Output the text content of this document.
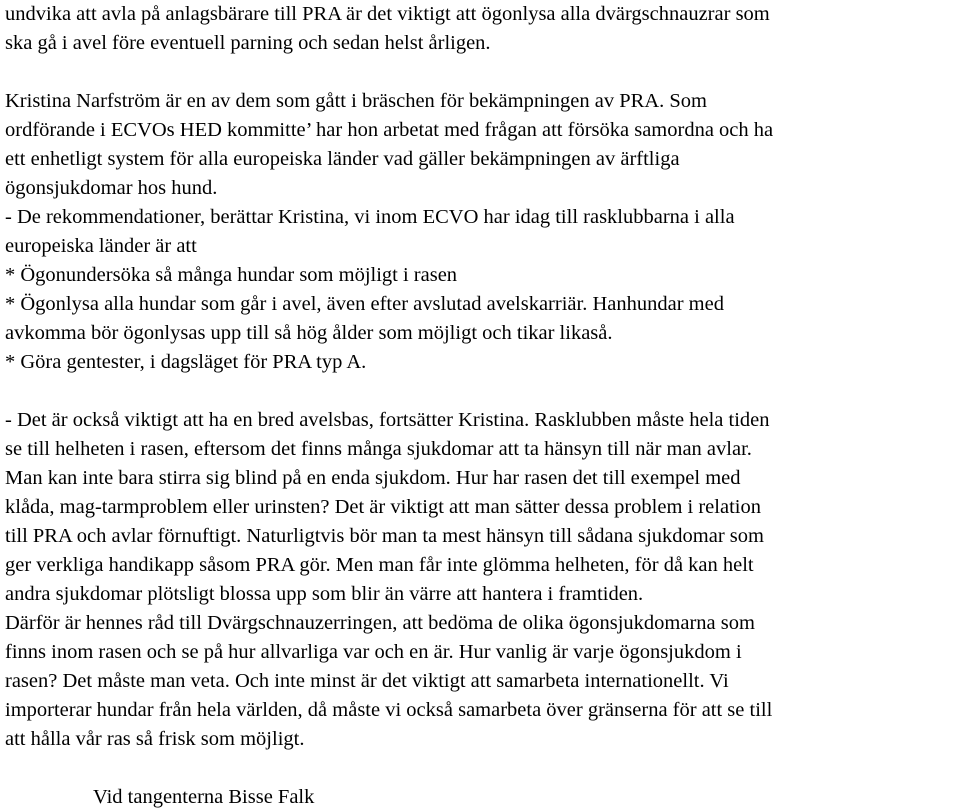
undvika att avla på anlagsbärare till PRA är det viktigt att ögonlysa alla dvärgschnauzrar som
ska gå i avel före eventuell parning och sedan helst årligen.
Kristina Narfström är en av dem som gått i bräschen för bekämpningen av PRA. Som
ordförande i ECVOs HED kommitte’ har hon arbetat med frågan att försöka samordna och ha
ett enhetligt system för alla europeiska länder vad gäller bekämpningen av ärftliga
ögonsjukdomar hos hund.
- De rekommendationer, berättar Kristina, vi inom ECVO har idag till rasklubbarna i alla
europeiska länder är att
* Ögonundersöka så många hundar som möjligt i rasen
* Ögonlysa alla hundar som går i avel, även efter avslutad avelskarriär. Hanhundar med
avkomma bör ögonlysas upp till så hög ålder som möjligt och tikar likaså.
* Göra gentester, i dagsläget för PRA typ A.
- Det är också viktigt att ha en bred avelsbas, fortsätter Kristina. Rasklubben måste hela tiden
se till helheten i rasen, eftersom det finns många sjukdomar att ta hänsyn till när man avlar.
Man kan inte bara stirra sig blind på en enda sjukdom. Hur har rasen det till exempel med
klåda, mag-tarmproblem eller urinsten? Det är viktigt att man sätter dessa problem i relation
till PRA och avlar förnuftigt. Naturligtvis bör man ta mest hänsyn till sådana sjukdomar som
ger verkliga handikapp såsom PRA gör. Men man får inte glömma helheten, för då kan helt
andra sjukdomar plötsligt blossa upp som blir än värre att hantera i framtiden.
Därför är hennes råd till Dvärgschnauzerringen, att bedöma de olika ögonsjukdomarna som
finns inom rasen och se på hur allvarliga var och en är. Hur vanlig är varje ögonsjukdom i
rasen? Det måste man veta. Och inte minst är det viktigt att samarbeta internationellt. Vi
importerar hundar från hela världen, då måste vi också samarbeta över gränserna för att se till
att hålla vår ras så frisk som möjligt.
Vid tangenterna Bisse Falk
